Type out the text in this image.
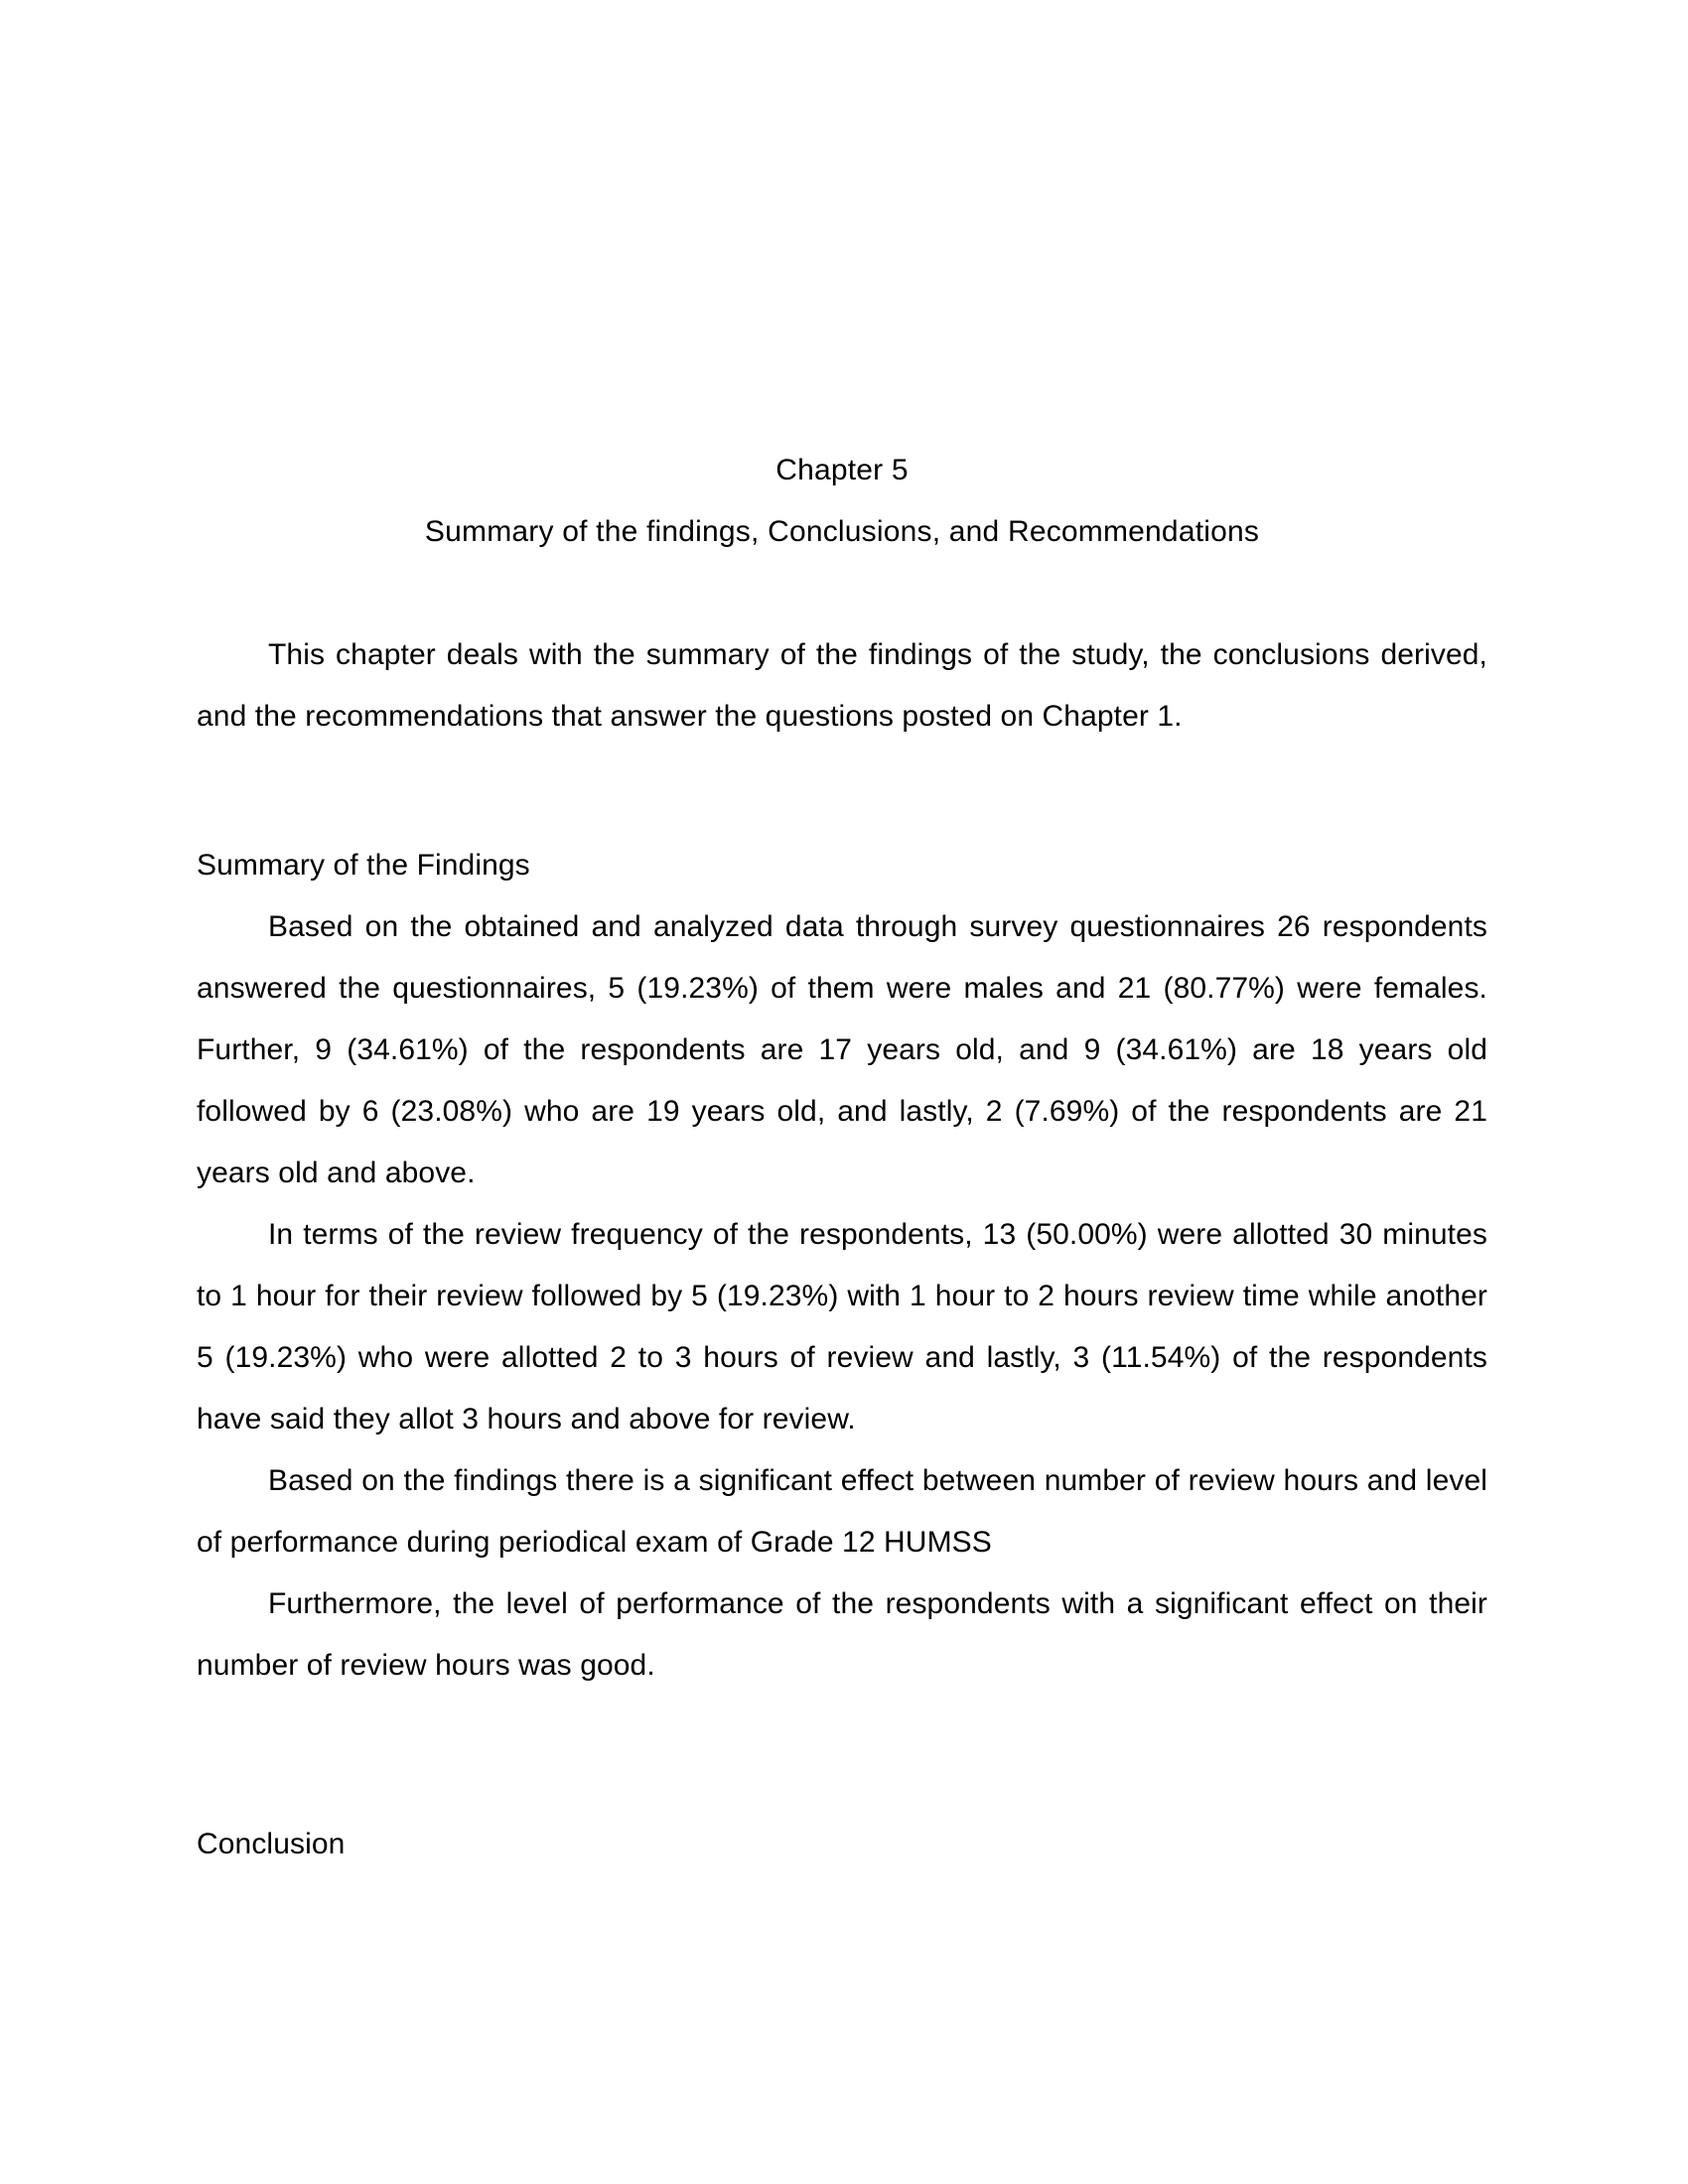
Chapter 5
Summary of the findings, Conclusions, and Recommendations

This chapter deals with the summary of the findings of the study, the conclusions derived, and the recommendations that answer the questions posted on Chapter 1.

Summary of the Findings

Based on the obtained and analyzed data through survey questionnaires 26 respondents answered the questionnaires, 5 (19.23%) of them were males and 21 (80.77%) were females. Further, 9 (34.61%) of the respondents are 17 years old, and 9 (34.61%) are 18 years old followed by 6 (23.08%) who are 19 years old, and lastly, 2 (7.69%) of the respondents are 21 years old and above.

In terms of the review frequency of the respondents, 13 (50.00%) were allotted 30 minutes to 1 hour for their review followed by 5 (19.23%) with 1 hour to 2 hours review time while another 5 (19.23%) who were allotted 2 to 3 hours of review and lastly, 3 (11.54%) of the respondents have said they allot 3 hours and above for review.

Based on the findings there is a significant effect between number of review hours and level of performance during periodical exam of Grade 12 HUMSS

Furthermore, the level of performance of the respondents with a significant effect on their number of review hours was good.

Conclusion
